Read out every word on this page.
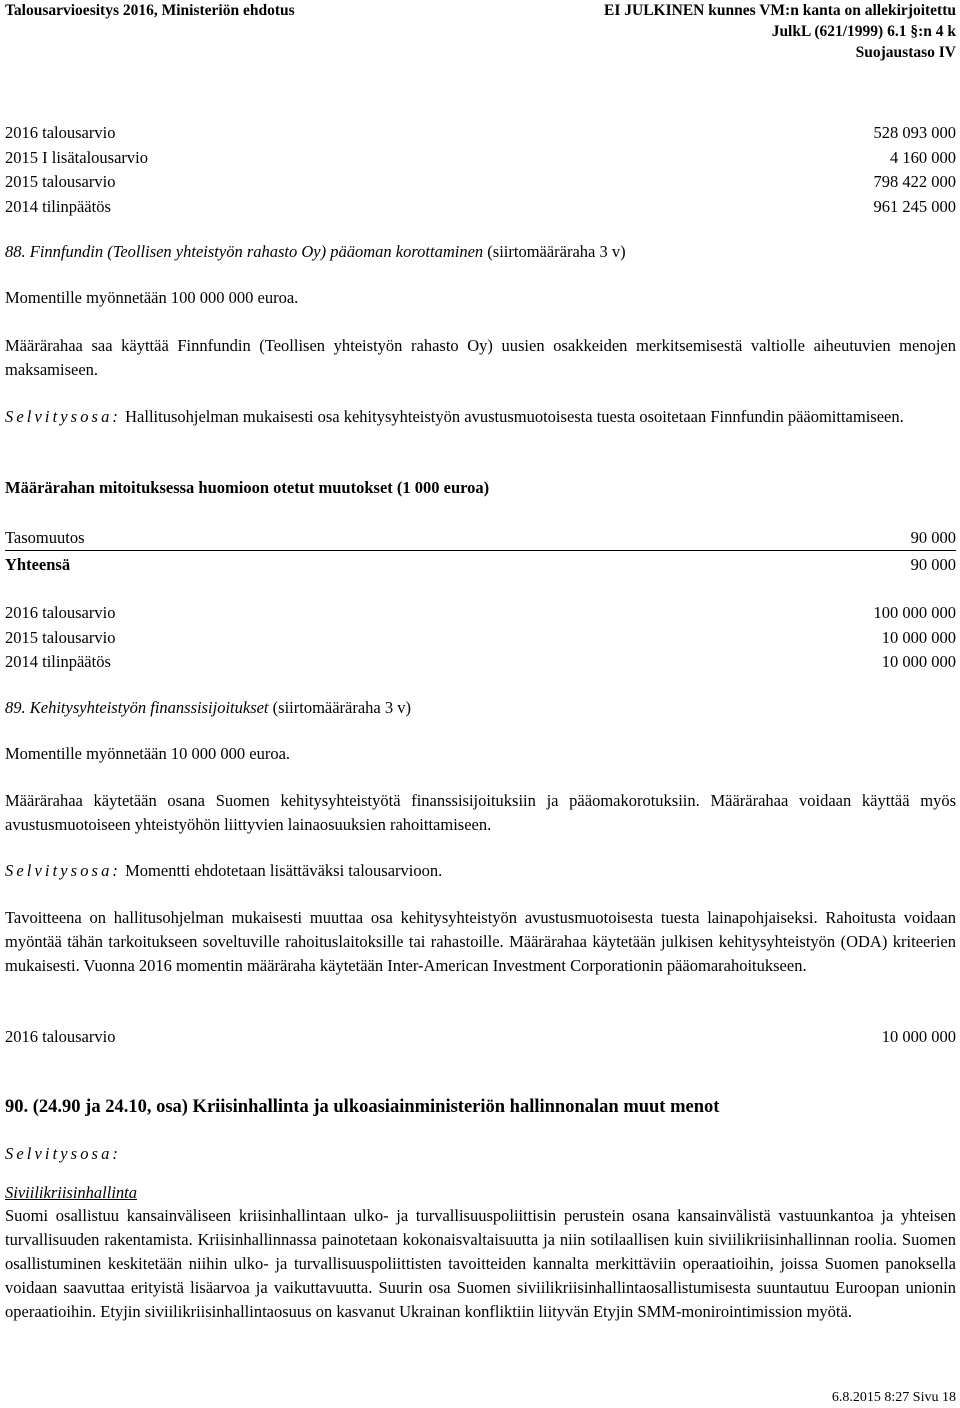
Talousarvioesitys 2016, Ministeriön ehdotus	EI JULKINEN kunnes VM:n kanta on allekirjoitettu
JulkL (621/1999) 6.1 §:n 4 k
Suojaustaso IV
2016 talousarvio	528 093 000
2015 I lisätalousarvio	4 160 000
2015 talousarvio	798 422 000
2014 tilinpäätös	961 245 000
88. Finnfundin (Teollisen yhteistyön rahasto Oy) pääoman korottaminen (siirtomääräraha 3 v)

Momentille myönnetään 100 000 000 euroa.

Määrärahaa saa käyttää Finnfundin (Teollisen yhteistyön rahasto Oy) uusien osakkeiden merkitsemisestä valtiolle aiheutuvien menojen maksamiseen.

Selvitysosa: Hallitusohjelman mukaisesti osa kehitysyhteistyön avustusmuotoisesta tuesta osoitetaan Finnfundin pääomittamiseen.

Määrärahan mitoituksessa huomioon otetut muutokset (1 000 euroa)
Tasomuutos	90 000
Yhteensä	90 000
2016 talousarvio	100 000 000
2015 talousarvio	10 000 000
2014 tilinpäätös	10 000 000
89. Kehitysyhteistyön finanssisijoitukset (siirtomääräraha 3 v)

Momentille myönnetään 10 000 000 euroa.

Määrärahaa käytetään osana Suomen kehitysyhteistyötä finanssisijoituksiin ja pääomakorotuksiin. Määrärahaa voidaan käyttää myös avustusmuotoiseen yhteistyöhön liittyvien lainaosuuksien rahoittamiseen.

Selvitysosa: Momentti ehdotetaan lisättäväksi talousarvioon.

Tavoitteena on hallitusohjelman mukaisesti muuttaa osa kehitysyhteistyön avustusmuotoisesta tuesta lainapohjaiseksi. Rahoitusta voidaan myöntää tähän tarkoitukseen soveltuville rahoituslaitoksille tai rahastoille. Määrärahaa käytetään julkisen kehitysyhteistyön (ODA) kriteerien mukaisesti. Vuonna 2016 momentin määräraha käytetään Inter-American Investment Corporationin pääomarahoitukseen.

2016 talousarvio	10 000 000
90. (24.90 ja 24.10, osa) Kriisinhallinta ja ulkoasiainministeriön hallinnonalan muut menot
Selvitysosa:
Siviilikriisinhallinta

Suomi osallistuu kansainväliseen kriisinhallintaan ulko- ja turvallisuuspoliittisin perustein osana kansainvälistä vastuunkantoa ja yhteisen turvallisuuden rakentamista. Kriisinhallinnassa painotetaan kokonaisvaltaisuutta ja niin sotilaallisen kuin siviilikriisinhallinnan roolia. Suomen osallistuminen keskitetään niihin ulko- ja turvallisuuspoliittisten tavoitteiden kannalta merkittäviin operaatioihin, joissa Suomen panoksella voidaan saavuttaa erityistä lisäarvoa ja vaikuttavuutta. Suurin osa Suomen siviilikriisinhallintaosallistumisesta suuntautuu Euroopan unionin operaatioihin. Etyjin siviilikriisinhallintaosuus on kasvanut Ukrainan konfliktiin liityvän Etyjin SMM-monirointimission myötä.

6.8.2015 8:27 Sivu 18
